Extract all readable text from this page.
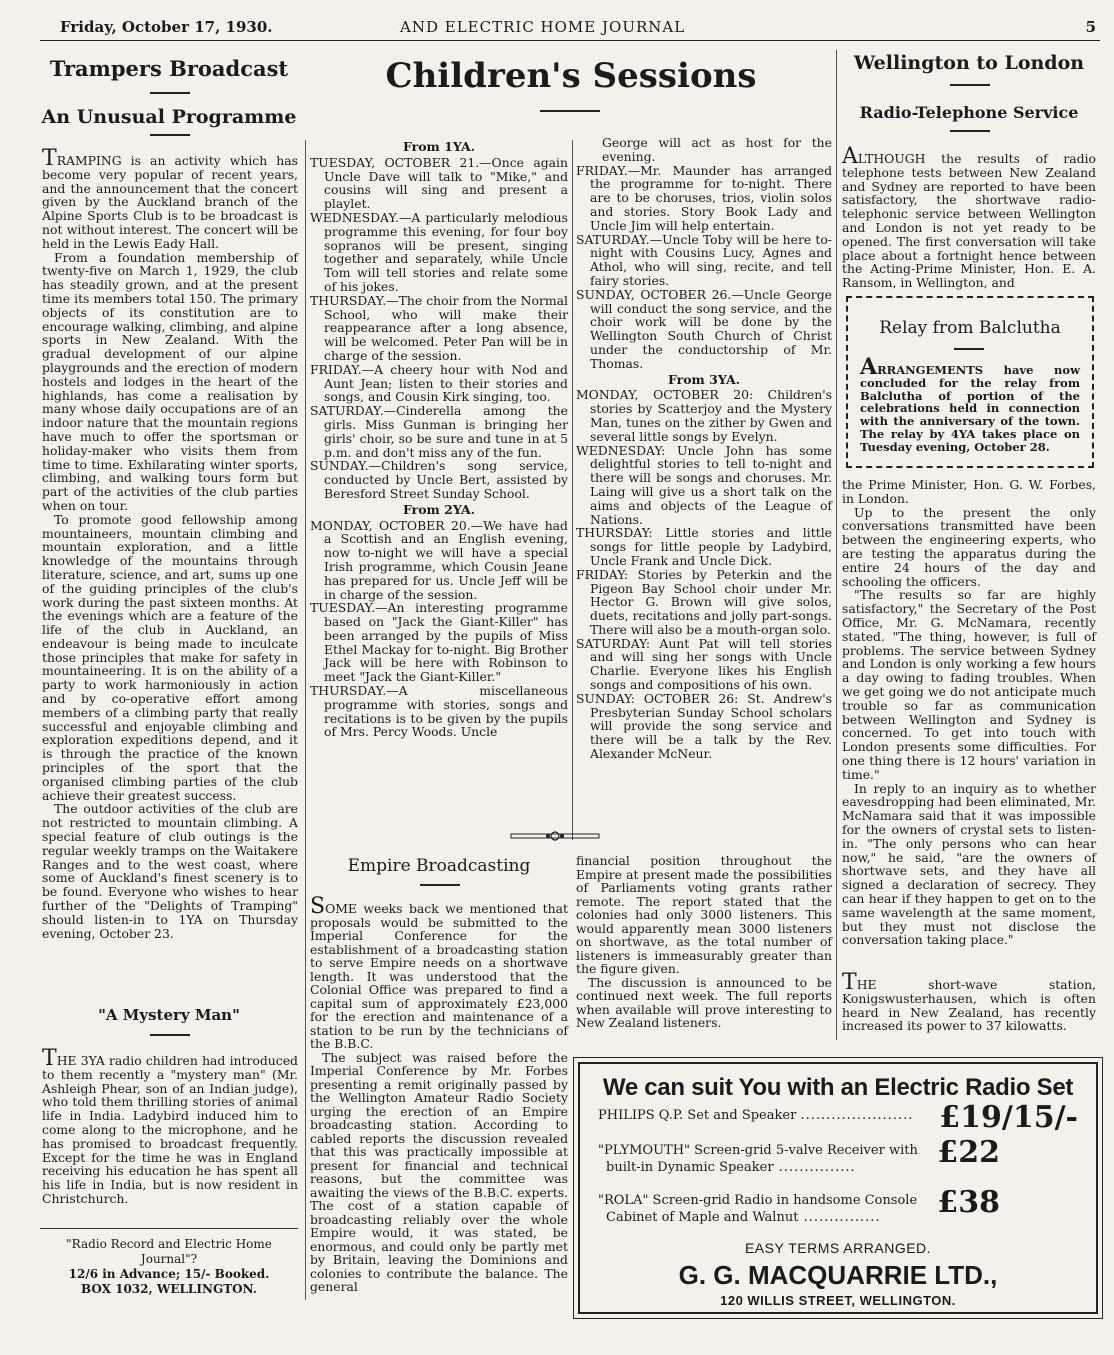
Friday, October 17, 1930.	AND ELECTRIC HOME JOURNAL	5
Trampers Broadcast
An Unusual Programme

TRAMPING is an activity which has become very popular of recent years, and the announcement that the concert given by the Auckland branch of the Alpine Sports Club is to be broadcast is not without interest. The concert will be held in the Lewis Eady Hall.

From a foundation membership of twenty-five on March 1, 1929, the club has steadily grown, and at the present time its members total 150. The primary objects of its constitution are to encourage walking, climbing, and alpine sports in New Zealand. With the gradual development of our alpine playgrounds and the erection of modern hostels and lodges in the heart of the highlands, has come a realisation by many whose daily occupations are of an indoor nature that the mountain regions have much to offer the sportsman or holiday-maker who visits them from time to time. Exhilarating winter sports, climbing, and walking tours form but part of the activities of the club parties when on tour.

To promote good fellowship among mountaineers, mountain climbing and mountain exploration, and a little knowledge of the mountains through literature, science, and art, sums up one of the guiding principles of the club's work during the past sixteen months. At the evenings which are a feature of the life of the club in Auckland, an endeavour is being made to inculcate those principles that make for safety in mountaineering. It is on the ability of a party to work harmoniously in action and by co-operative effort among members of a climbing party that really successful and enjoyable climbing and exploration expeditions depend, and it is through the practice of the known principles of the sport that the organised climbing parties of the club achieve their greatest success.

The outdoor activities of the club are not restricted to mountain climbing. A special feature of club outings is the regular weekly tramps on the Waitakere Ranges and to the west coast, where some of Auckland's finest scenery is to be found. Everyone who wishes to hear further of the "Delights of Tramping" should listen-in to 1YA on Thursday evening, October 23.

"A Mystery Man"

THE 3YA radio children had introduced to them recently a "mystery man" (Mr. Ashleigh Phear, son of an Indian judge), who told them thrilling stories of animal life in India. Ladybird induced him to come along to the microphone, and he has promised to broadcast frequently. Except for the time he was in England receiving his education he has spent all his life in India, but is now resident in Christchurch.

"Radio Record and Electric Home Journal"?
12/6 in Advance; 15/- Booked.
BOX 1032, WELLINGTON.
Children's Sessions
From 1YA.
TUESDAY, OCTOBER 21.—Once again Uncle Dave will talk to "Mike," and cousins will sing and present a playlet.
WEDNESDAY.—A particularly melodious programme this evening, for four boy sopranos will be present, singing together and separately, while Uncle Tom will tell stories and relate some of his jokes.
THURSDAY.—The choir from the Normal School, who will make their reappearance after a long absence, will be welcomed. Peter Pan will be in charge of the session.
FRIDAY.—A cheery hour with Nod and Aunt Jean; listen to their stories and songs, and Cousin Kirk singing, too.
SATURDAY.—Cinderella among the girls. Miss Gunman is bringing her girls' choir, so be sure and tune in at 5 p.m. and don't miss any of the fun.
SUNDAY.—Children's song service, conducted by Uncle Bert, assisted by Beresford Street Sunday School.
From 2YA.
MONDAY, OCTOBER 20.—We have had a Scottish and an English evening, now to-night we will have a special Irish programme, which Cousin Jeane has prepared for us. Uncle Jeff will be in charge of the session.
TUESDAY.—An interesting programme based on "Jack the Giant-Killer" has been arranged by the pupils of Miss Ethel Mackay for to-night. Big Brother Jack will be here with Robinson to meet "Jack the Giant-Killer."
THURSDAY.—A miscellaneous programme with stories, songs and recitations is to be given by the pupils of Mrs. Percy Woods. Uncle
George will act as host for the evening.
FRIDAY.—Mr. Maunder has arranged the programme for to-night. There are to be choruses, trios, violin solos and stories. Story Book Lady and Uncle Jim will help entertain.
SATURDAY.—Uncle Toby will be here to-night with Cousins Lucy, Agnes and Athol, who will sing, recite, and tell fairy stories.
SUNDAY, OCTOBER 26.—Uncle George will conduct the song service, and the choir work will be done by the Wellington South Church of Christ under the conductorship of Mr. Thomas.
From 3YA.
MONDAY, OCTOBER 20: Children's stories by Scatterjoy and the Mystery Man, tunes on the zither by Gwen and several little songs by Evelyn.
WEDNESDAY: Uncle John has some delightful stories to tell to-night and there will be songs and choruses. Mr. Laing will give us a short talk on the aims and objects of the League of Nations.
THURSDAY: Little stories and little songs for little people by Ladybird, Uncle Frank and Uncle Dick.
FRIDAY: Stories by Peterkin and the Pigeon Bay School choir under Mr. Hector G. Brown will give solos, duets, recitations and jolly part-songs. There will also be a mouth-organ solo.
SATURDAY: Aunt Pat will tell stories and will sing her songs with Uncle Charlie. Everyone likes his English songs and compositions of his own.
SUNDAY: OCTOBER 26: St. Andrew's Presbyterian Sunday School scholars will provide the song service and there will be a talk by the Rev. Alexander McNeur.
Empire Broadcasting

SOME weeks back we mentioned that proposals would be submitted to the Imperial Conference for the establishment of a broadcasting station to serve Empire needs on a shortwave length. It was understood that the Colonial Office was prepared to find a capital sum of approximately £23,000 for the erection and maintenance of a station to be run by the technicians of the B.B.C.

The subject was raised before the Imperial Conference by Mr. Forbes presenting a remit originally passed by the Wellington Amateur Radio Society urging the erection of an Empire broadcasting station. According to cabled reports the discussion revealed that this was practically impossible at present for financial and technical reasons, but the committee was awaiting the views of the B.B.C. experts. The cost of a station capable of broadcasting reliably over the whole Empire would, it was stated, be enormous, and could only be partly met by Britain, leaving the Dominions and colonies to contribute the balance. The general

financial position throughout the Empire at present made the possibilities of Parliaments voting grants rather remote. The report stated that the colonies had only 3000 listeners. This would apparently mean 3000 listeners on shortwave, as the total number of listeners is immeasurably greater than the figure given.

The discussion is announced to be continued next week. The full reports when available will prove interesting to New Zealand listeners.

Wellington to London
Radio-Telephone Service

ALTHOUGH the results of radio telephone tests between New Zealand and Sydney are reported to have been satisfactory, the shortwave radio-telephonic service between Wellington and London is not yet ready to be opened. The first conversation will take place about a fortnight hence between the Acting-Prime Minister, Hon. E. A. Ransom, in Wellington, and

Relay from Balclutha
ARRANGEMENTS have now concluded for the relay from Balclutha of portion of the celebrations held in connection with the anniversary of the town. The relay by 4YA takes place on Tuesday evening, October 28.

the Prime Minister, Hon. G. W. Forbes, in London.

Up to the present the only conversations transmitted have been between the engineering experts, who are testing the apparatus during the entire 24 hours of the day and schooling the officers.

"The results so far are highly satisfactory," the Secretary of the Post Office, Mr. G. McNamara, recently stated. "The thing, however, is full of problems. The service between Sydney and London is only working a few hours a day owing to fading troubles. When we get going we do not anticipate much trouble so far as communication between Wellington and Sydney is concerned. To get into touch with London presents some difficulties. For one thing there is 12 hours' variation in time."

In reply to an inquiry as to whether eavesdropping had been eliminated, Mr. McNamara said that it was impossible for the owners of crystal sets to listen-in. "The only persons who can hear now," he said, "are the owners of shortwave sets, and they have all signed a declaration of secrecy. They can hear if they happen to get on to the same wavelength at the same moment, but they must not disclose the conversation taking place."

THE short-wave station, Konigswusterhausen, which is often heard in New Zealand, has recently increased its power to 37 kilowatts.

We can suit You with an Electric Radio Set
PHILIPS Q.P. Set and Speaker ...................... £19/15/-
"PLYMOUTH" Screen-grid 5-valve Receiver with
built-in Dynamic Speaker ...............	£22
"ROLA" Screen-grid Radio in handsome Console
Cabinet of Maple and Walnut ...............	£38
EASY TERMS ARRANGED.
G. G. MACQUARRIE LTD.,
120 WILLIS STREET, WELLINGTON.
